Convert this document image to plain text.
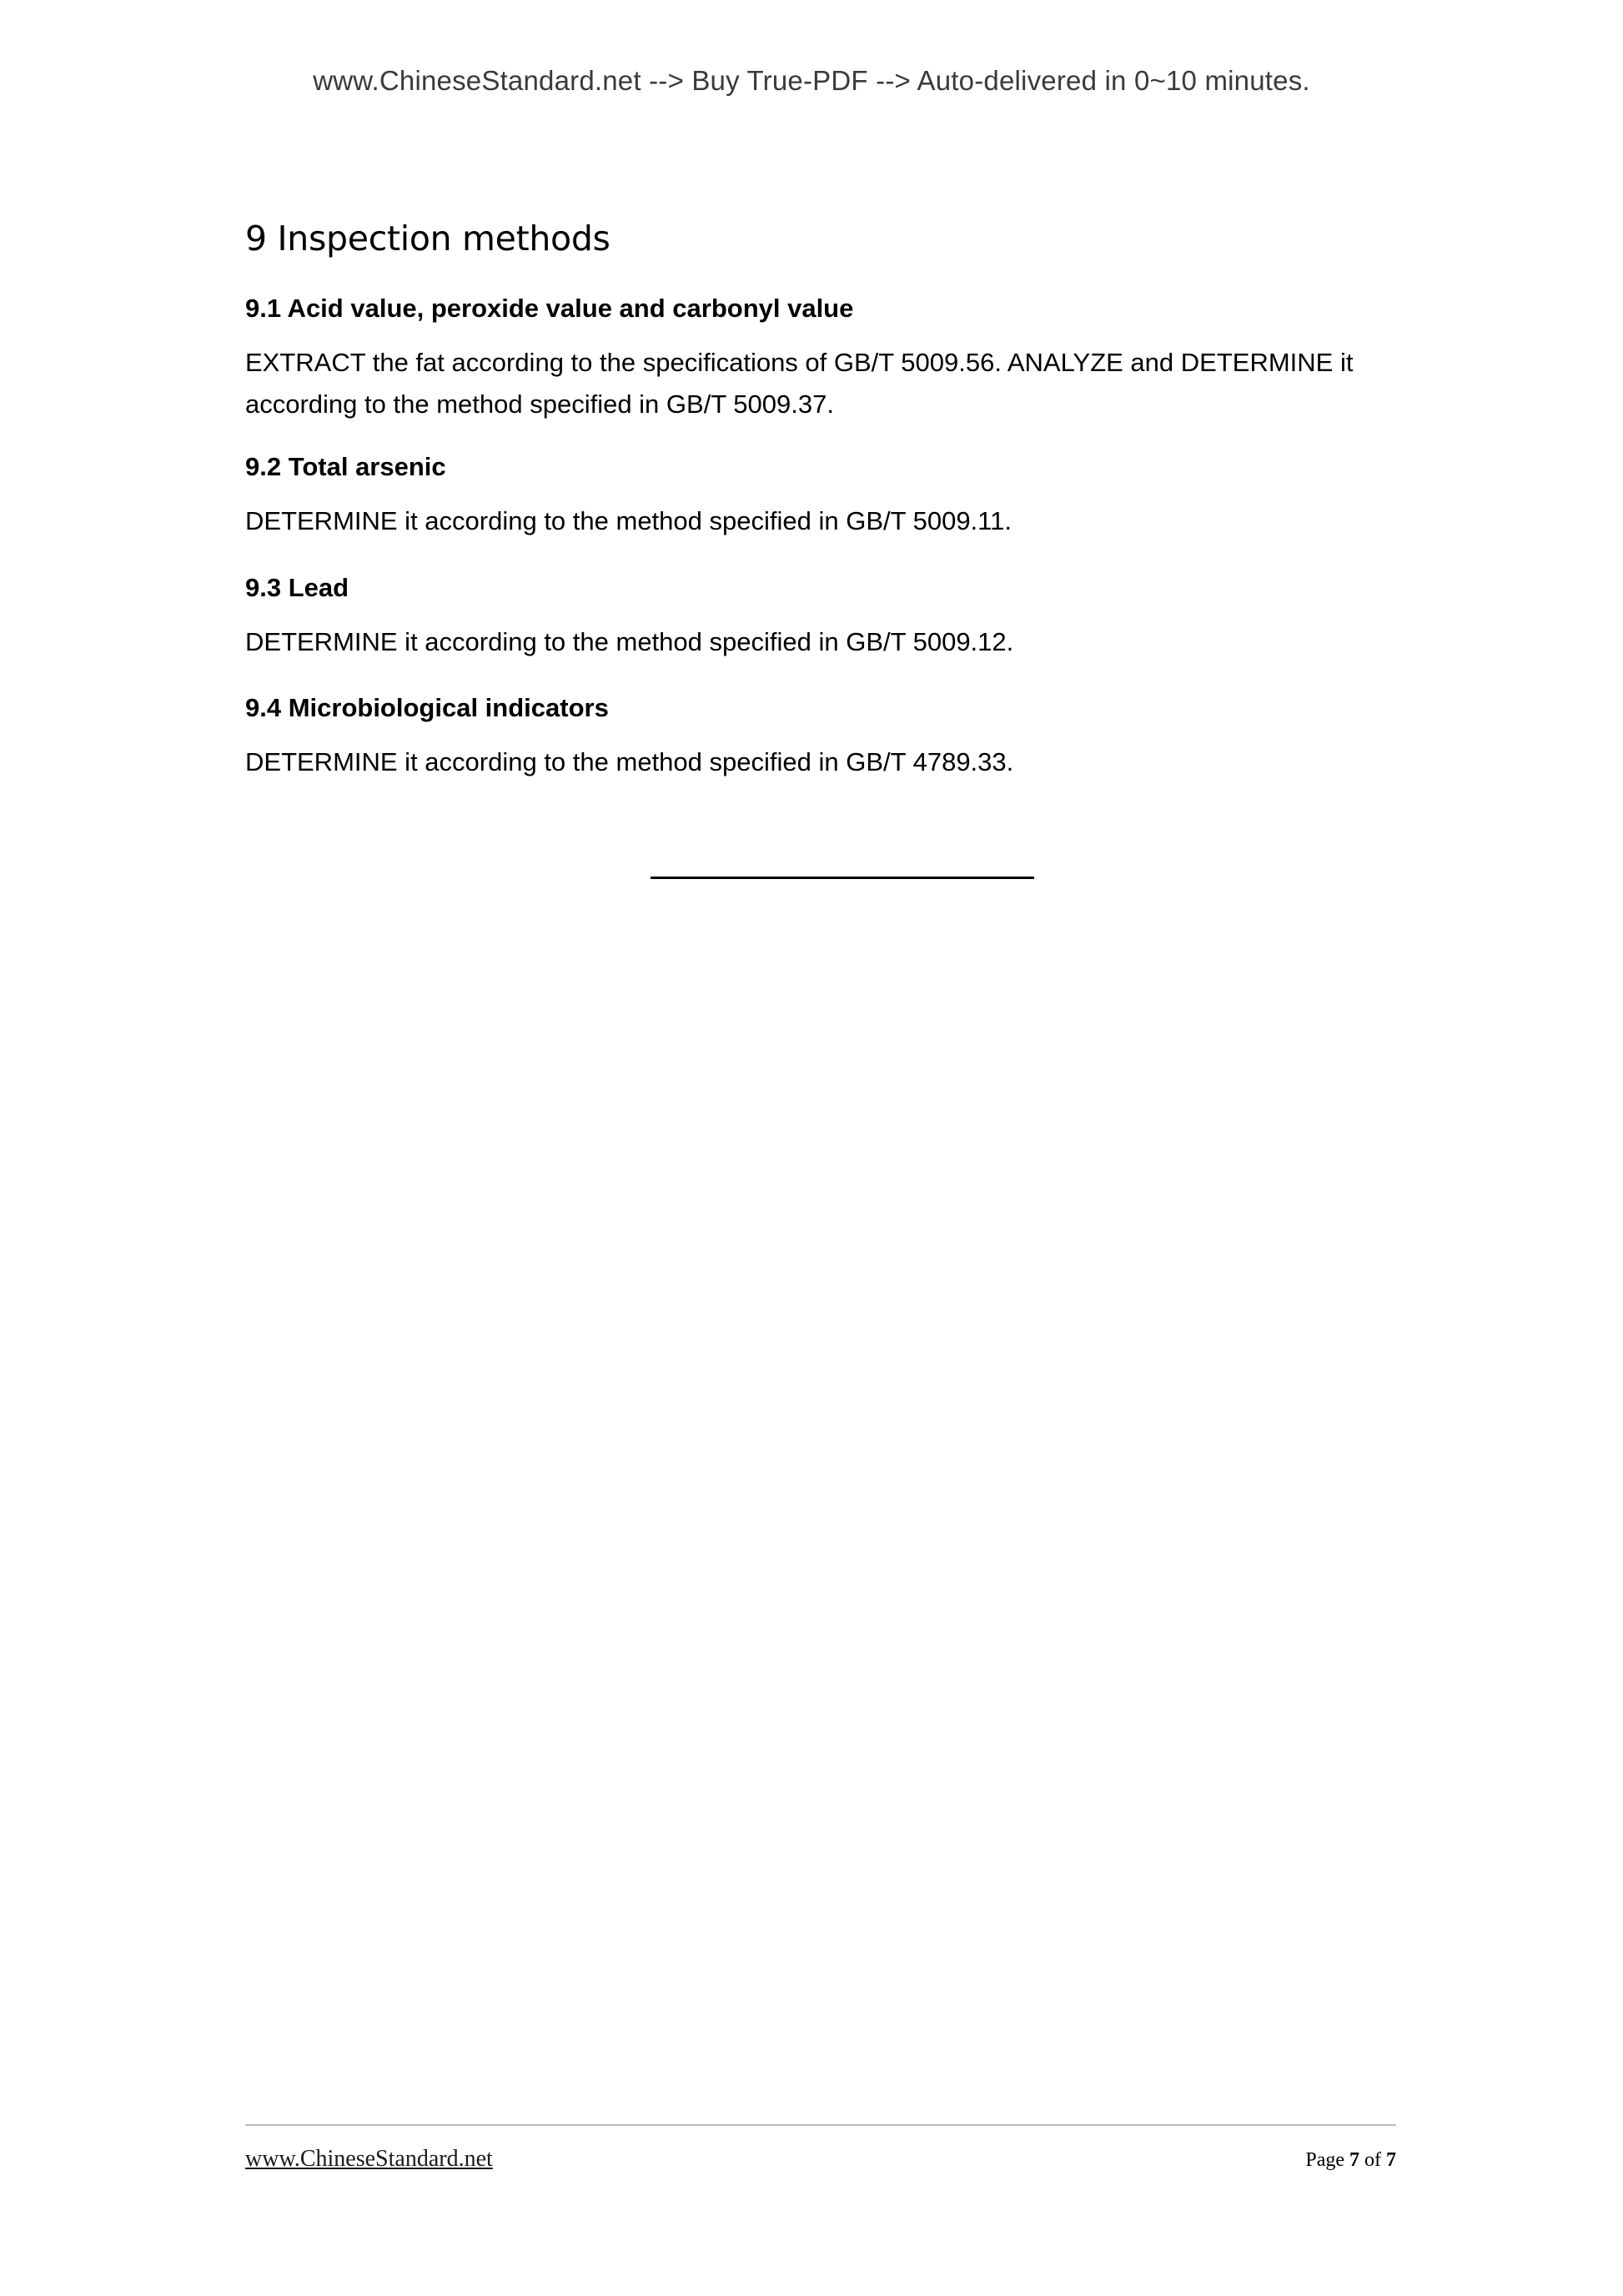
www.ChineseStandard.net --> Buy True-PDF --> Auto-delivered in 0~10 minutes.
9 Inspection methods
9.1 Acid value, peroxide value and carbonyl value

EXTRACT the fat according to the specifications of GB/T 5009.56. ANALYZE and DETERMINE it according to the method specified in GB/T 5009.37.

9.2 Total arsenic

DETERMINE it according to the method specified in GB/T 5009.11.

9.3 Lead

DETERMINE it according to the method specified in GB/T 5009.12.

9.4 Microbiological indicators

DETERMINE it according to the method specified in GB/T 4789.33.

www.ChineseStandard.net	Page 7 of 7
